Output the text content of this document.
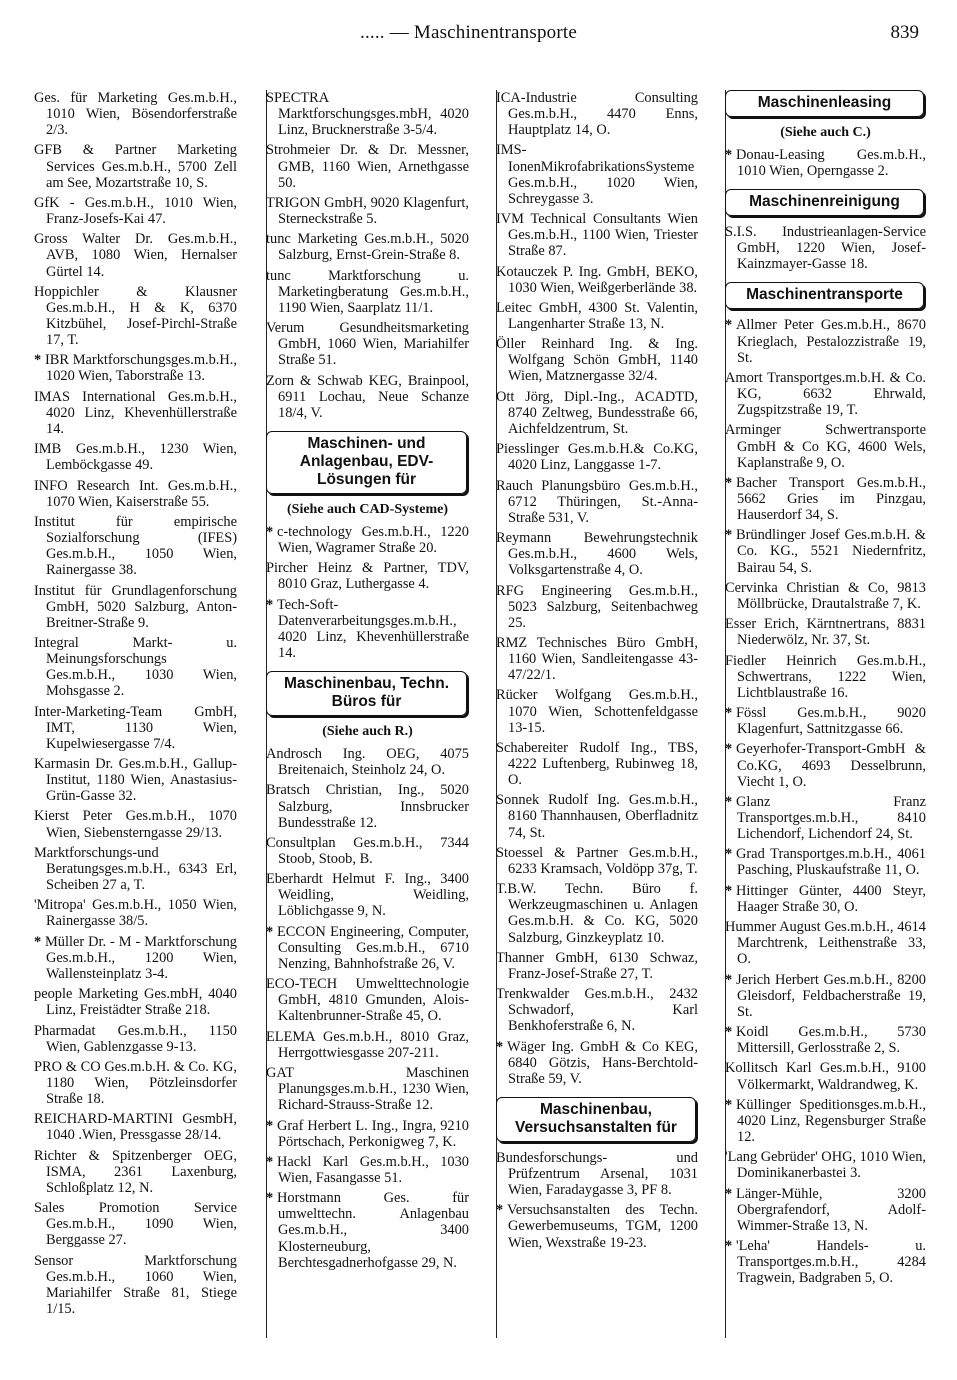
..... — Maschinentransporte	839
Ges. für Marketing Ges.m.b.H., 1010 Wien, Bösendorferstraße 2/3.
GFB & Partner Marketing Services Ges.m.b.H., 5700 Zell am See, Mozartstraße 10, S.
GfK - Ges.m.b.H., 1010 Wien, Franz-Josefs-Kai 47.
Gross Walter Dr. Ges.m.b.H., AVB, 1080 Wien, Hernalser Gürtel 14.
Hoppichler & Klausner Ges.m.b.H., H & K, 6370 Kitzbühel, Josef-Pirchl-Straße 17, T.
* IBR Marktforschungsges.m.b.H., 1020 Wien, Taborstraße 13.
IMAS International Ges.m.b.H., 4020 Linz, Khevenhüllerstraße 14.
IMB Ges.m.b.H., 1230 Wien, Lemböckgasse 49.
INFO Research Int. Ges.m.b.H., 1070 Wien, Kaiserstraße 55.
Institut für empirische Sozialforschung (IFES) Ges.m.b.H., 1050 Wien, Rainergasse 38.
Institut für Grundlagenforschung GmbH, 5020 Salzburg, Anton-Breitner-Straße 9.
Integral Markt- u. Meinungsforschungs Ges.m.b.H., 1030 Wien, Mohsgasse 2.
Inter-Marketing-Team GmbH, IMT, 1130 Wien, Kupelwiesergasse 7/4.
Karmasin Dr. Ges.m.b.H., Gallup-Institut, 1180 Wien, Anastasius-Grün-Gasse 32.
Kierst Peter Ges.m.b.H., 1070 Wien, Siebensterngasse 29/13.
Marktforschungs-und Beratungsges.m.b.H., 6343 Erl, Scheiben 27 a, T.
'Mitropa' Ges.m.b.H., 1050 Wien, Rainergasse 38/5.
* Müller Dr. - M - Marktforschung Ges.m.b.H., 1200 Wien, Wallensteinplatz 3-4.
people Marketing Ges.mbH, 4040 Linz, Freistädter Straße 218.
Pharmadat Ges.m.b.H., 1150 Wien, Gablenzgasse 9-13.
PRO & CO Ges.m.b.H. & Co. KG, 1180 Wien, Pötzleinsdorfer Straße 18.
REICHARD-MARTINI GesmbH, 1040 .Wien, Pressgasse 28/14.
Richter & Spitzenberger OEG, ISMA, 2361 Laxenburg, Schloßplatz 12, N.
Sales Promotion Service Ges.m.b.H., 1090 Wien, Berggasse 27.
Sensor Marktforschung Ges.m.b.H., 1060 Wien, Mariahilfer Straße 81, Stiege 1/15.
SPECTRA Marktforschungsges.mbH, 4020 Linz, Brucknerstraße 3-5/4.
Strohmeier Dr. & Dr. Messner, GMB, 1160 Wien, Arnethgasse 50.
TRIGON GmbH, 9020 Klagenfurt, Sterneckstraße 5.
tunc Marketing Ges.m.b.H., 5020 Salzburg, Ernst-Grein-Straße 8.
tunc Marktforschung u. Marketingberatung Ges.m.b.H., 1190 Wien, Saarplatz 11/1.
Verum Gesundheitsmarketing GmbH, 1060 Wien, Mariahilfer Straße 51.
Zorn & Schwab KEG, Brainpool, 6911 Lochau, Neue Schanze 18/4, V.
Maschinen- und Anlagenbau, EDV-Lösungen für
(Siehe auch CAD-Systeme)
* c-technology Ges.m.b.H., 1220 Wien, Wagramer Straße 20.
Pircher Heinz & Partner, TDV, 8010 Graz, Luthergasse 4.
* Tech-Soft-Datenverarbeitungsges.m.b.H., 4020 Linz, Khevenhüllerstraße 14.
Maschinenbau, Techn. Büros für
(Siehe auch R.)
Androsch Ing. OEG, 4075 Breitenaich, Steinholz 24, O.
Bratsch Christian, Ing., 5020 Salzburg, Innsbrucker Bundesstraße 12.
Consultplan Ges.m.b.H., 7344 Stoob, Stoob, B.
Eberhardt Helmut F. Ing., 3400 Weidling, Weidling, Löblichgasse 9, N.
* ECCON Engineering, Computer, Consulting Ges.m.b.H., 6710 Nenzing, Bahnhofstraße 26, V.
ECO-TECH Umwelttechnologie GmbH, 4810 Gmunden, Alois-Kaltenbrunner-Straße 45, O.
ELEMA Ges.m.b.H., 8010 Graz, Herrgottwiesgasse 207-211.
GAT Maschinen Planungsges.m.b.H., 1230 Wien, Richard-Strauss-Straße 12.
* Graf Herbert L. Ing., Ingra, 9210 Pörtschach, Perkonigweg 7, K.
* Hackl Karl Ges.m.b.H., 1030 Wien, Fasangasse 51.
* Horstmann Ges. für umwelttechn. Anlagenbau Ges.m.b.H., 3400 Klosterneuburg, Berchtesgadnerhofgasse 29, N.
ICA-Industrie Consulting Ges.m.b.H., 4470 Enns, Hauptplatz 14, O.
IMS-IonenMikrofabrikationsSysteme Ges.m.b.H., 1020 Wien, Schreygasse 3.
IVM Technical Consultants Wien Ges.m.b.H., 1100 Wien, Triester Straße 87.
Kotauczek P. Ing. GmbH, BEKO, 1030 Wien, Weißgerberlände 38.
Leitec GmbH, 4300 St. Valentin, Langenharter Straße 13, N.
Öller Reinhard Ing. & Ing. Wolfgang Schön GmbH, 1140 Wien, Matznergasse 32/4.
Ott Jörg, Dipl.-Ing., ACADTD, 8740 Zeltweg, Bundesstraße 66, Aichfeldzentrum, St.
Piesslinger Ges.m.b.H.& Co.KG, 4020 Linz, Langgasse 1-7.
Rauch Planungsbüro Ges.m.b.H., 6712 Thüringen, St.-Anna-Straße 531, V.
Reymann Bewehrungstechnik Ges.m.b.H., 4600 Wels, Volksgartenstraße 4, O.
RFG Engineering Ges.m.b.H., 5023 Salzburg, Seitenbachweg 25.
RMZ Technisches Büro GmbH, 1160 Wien, Sandleitengasse 43-47/22/1.
Rücker Wolfgang Ges.m.b.H., 1070 Wien, Schottenfeldgasse 13-15.
Schabereiter Rudolf Ing., TBS, 4222 Luftenberg, Rubinweg 18, O.
Sonnek Rudolf Ing. Ges.m.b.H., 8160 Thannhausen, Oberfladnitz 74, St.
Stoessel & Partner Ges.m.b.H., 6233 Kramsach, Voldöpp 37g, T.
T.B.W. Techn. Büro f. Werkzeugmaschinen u. Anlagen Ges.m.b.H. & Co. KG, 5020 Salzburg, Ginzkeyplatz 10.
Thanner GmbH, 6130 Schwaz, Franz-Josef-Straße 27, T.
Trenkwalder Ges.m.b.H., 2432 Schwadorf, Karl Benkhoferstraße 6, N.
* Wäger Ing. GmbH & Co KEG, 6840 Götzis, Hans-Berchtold-Straße 59, V.
Maschinenbau, Versuchsanstalten für
Bundesforschungs- und Prüfzentrum Arsenal, 1031 Wien, Faradaygasse 3, PF 8.
* Versuchsanstalten des Techn. Gewerbemuseums, TGM, 1200 Wien, Wexstraße 19-23.
Maschinenleasing
(Siehe auch C.)
* Donau-Leasing Ges.m.b.H., 1010 Wien, Operngasse 2.
Maschinenreinigung
S.I.S. Industrieanlagen-Service GmbH, 1220 Wien, Josef-Kainzmayer-Gasse 18.
Maschinentransporte
* Allmer Peter Ges.m.b.H., 8670 Krieglach, Pestalozzistraße 19, St.
Amort Transportges.m.b.H. & Co. KG, 6632 Ehrwald, Zugspitzstraße 19, T.
Arminger Schwertransporte GmbH & Co KG, 4600 Wels, Kaplanstraße 9, O.
* Bacher Transport Ges.m.b.H., 5662 Gries im Pinzgau, Hauserdorf 34, S.
* Bründlinger Josef Ges.m.b.H. & Co. KG., 5521 Niedernfritz, Bairau 54, S.
Cervinka Christian & Co, 9813 Möllbrücke, Drautalstraße 7, K.
Esser Erich, Kärntnertrans, 8831 Niederwölz, Nr. 37, St.
Fiedler Heinrich Ges.m.b.H., Schwertrans, 1222 Wien, Lichtblaustraße 16.
* Fössl Ges.m.b.H., 9020 Klagenfurt, Sattnitzgasse 66.
* Geyerhofer-Transport-GmbH & Co.KG, 4693 Desselbrunn, Viecht 1, O.
* Glanz Franz Transportges.m.b.H., 8410 Lichendorf, Lichendorf 24, St.
* Grad Transportges.m.b.H., 4061 Pasching, Pluskaufstraße 11, O.
* Hittinger Günter, 4400 Steyr, Haager Straße 30, O.
Hummer August Ges.m.b.H., 4614 Marchtrenk, Leithenstraße 33, O.
* Jerich Herbert Ges.m.b.H., 8200 Gleisdorf, Feldbacherstraße 19, St.
* Koidl Ges.m.b.H., 5730 Mittersill, Gerlosstraße 2, S.
Kollitsch Karl Ges.m.b.H., 9100 Völkermarkt, Waldrandweg, K.
* Küllinger Speditionsges.m.b.H., 4020 Linz, Regensburger Straße 12.
'Lang Gebrüder' OHG, 1010 Wien, Dominikanerbastei 3.
* Länger-Mühle, 3200 Obergrafendorf, Adolf-Wimmer-Straße 13, N.
* 'Leha' Handels- u. Transportges.m.b.H., 4284 Tragwein, Badgraben 5, O.
